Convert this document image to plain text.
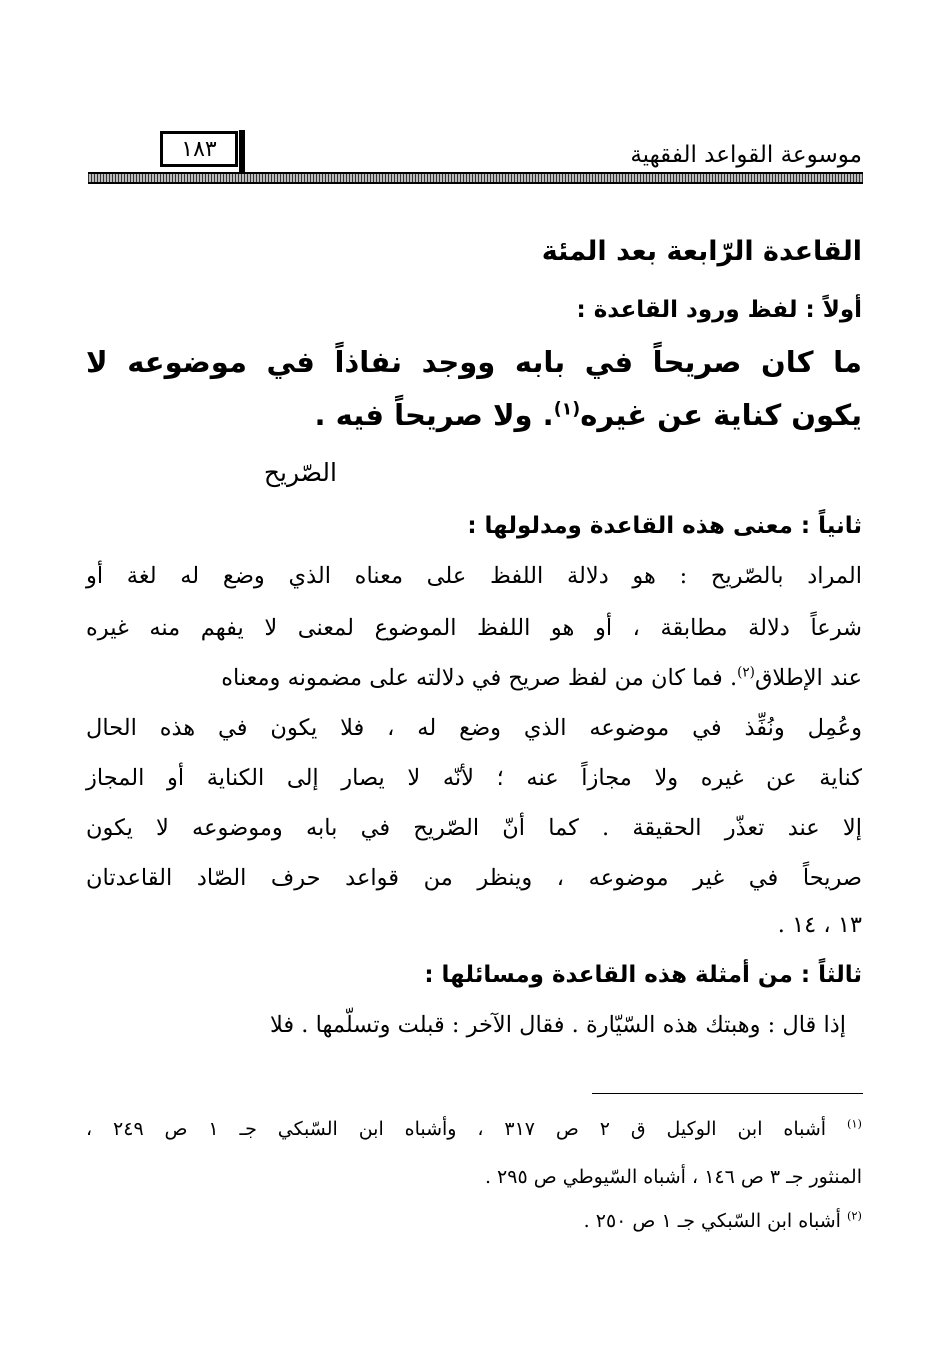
موسوعة القواعد الفقهية
١٨٣
القاعدة الرّابعة بعد المئة
أولاً : لفظ ورود القاعدة :
ما كان صريحاً في بابه ووجد نفاذاً في موضوعه لا
يكون كناية عن غيره$^{(١)}$. ولا صريحاً فيه .
الصّريح
ثانياً : معنى هذه القاعدة ومدلولها :
المراد بالصّريح : هو دلالة اللفظ على معناه الذي وضع له لغة أو
شرعاً دلالة مطابقة ، أو هو اللفظ الموضوع لمعنى لا يفهم منه غيره
عند الإطلاق$^{(٢)}$. فما كان من لفظ صريح في دلالته على مضمونه ومعناه
وعُمِل ونُفِّذ في موضوعه الذي وضع له ، فلا يكون في هذه الحال
كناية عن غيره ولا مجازاً عنه ؛ لأنّه لا يصار إلى الكناية أو المجاز
إلا عند تعذّر الحقيقة . كما أنّ الصّريح في بابه وموضوعه لا يكون
صريحاً في غير موضوعه ، وينظر من قواعد حرف الصّاد القاعدتان
١٣ ، ١٤ .
ثالثاً : من أمثلة هذه القاعدة ومسائلها :
إذا قال : وهبتك هذه السّيّارة . فقال الآخر : قبلت وتسلّمها . فلا
$^{(١)}$ أشباه ابن الوكيل ق ٢ ص ٣١٧ ، وأشباه ابن السّبكي جـ ١ ص ٢٤٩ ،
المنثور جـ ٣ ص ١٤٦ ، أشباه السّيوطي ص ٢٩٥ .
$^{(٢)}$ أشباه ابن السّبكي جـ ١ ص ٢٥٠ .
